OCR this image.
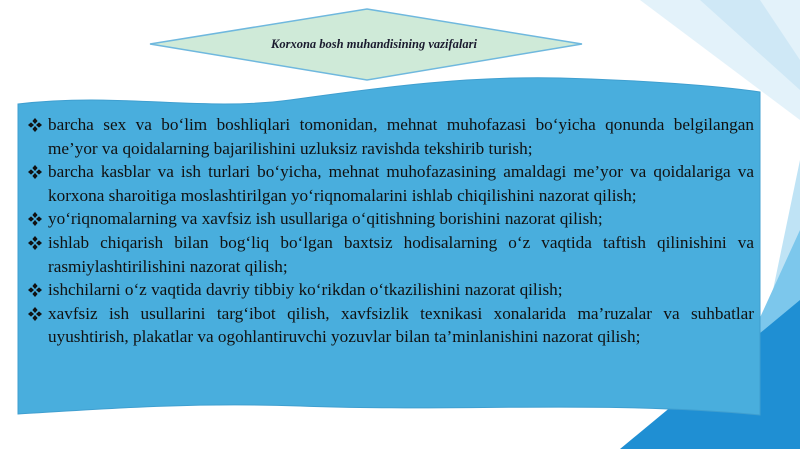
Korxona bosh muhandisining vazifalari
barcha sex va bo‘lim boshliqlari tomonidan, mehnat muhofazasi bo‘yicha qonunda belgilangan me’yor va qoidalarning bajarilishini uzluksiz ravishda tekshirib turish;
barcha kasblar va ish turlari bo‘yicha, mehnat muhofazasining amaldagi me’yor va qoidalariga va korxona sharoitiga moslashtirilgan yo‘riqnomalarini ishlab chiqilishini nazorat qilish;
yo‘riqnomalarning va xavfsiz ish usullariga o‘qitishning borishini nazorat qilish;
ishlab chiqarish bilan bog‘liq bo‘lgan baxtsiz hodisalarning o‘z vaqtida taftish qilinishini va rasmiylashtirilishini nazorat qilish;
ishchilarni o‘z vaqtida davriy tibbiy ko‘rikdan o‘tkazilishini nazorat qilish;
xavfsiz ish usullarini targ‘ibot qilish, xavfsizlik texnikasi xonalarida ma’ruzalar va suhbatlar uyushtirish, plakatlar va ogohlantiruvchi yozuvlar bilan ta’minlanishini nazorat qilish;
